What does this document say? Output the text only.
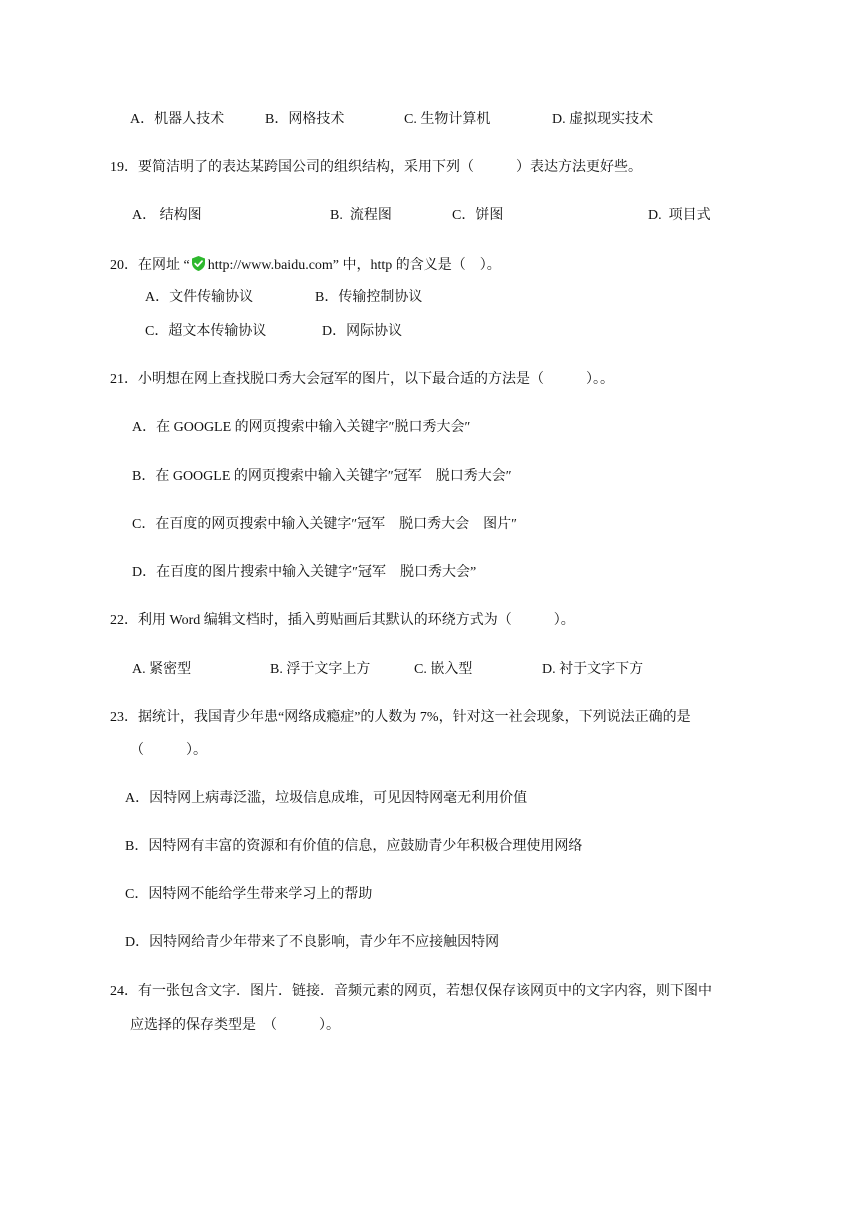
A．机器人技术	B．网格技术	C. 生物计算机	D. 虚拟现实技术
19．要简洁明了的表达某跨国公司的组织结构，采用下列（　　　）表达方法更好些。
A． 结构图	B.  流程图	C．饼图	D.  项目式
20．在网址 “ http://www.baidu.com” 中，http 的含义是（　）。
A．文件传输协议	B．传输控制协议
C．超文本传输协议	D．网际协议
21．小明想在网上查找脱口秀大会冠军的图片，以下最合适的方法是（　　　）。。
A．在 GOOGLE 的网页搜索中输入关键字″脱口秀大会″
B．在 GOOGLE 的网页搜索中输入关键字″冠军　脱口秀大会″
C．在百度的网页搜索中输入关键字″冠军　脱口秀大会　图片″
D．在百度的图片搜索中输入关键字″冠军　脱口秀大会”
22．利用 Word 编辑文档时，插入剪贴画后其默认的环绕方式为（　　　）。
A. 紧密型	B. 浮于文字上方	C. 嵌入型	D. 衬于文字下方
23．据统计，我国青少年患“网络成瘾症”的人数为 7%，针对这一社会现象，下列说法正确的是
（　　　）。
A．因特网上病毒泛滥，垃圾信息成堆，可见因特网毫无利用价值
B．因特网有丰富的资源和有价值的信息，应鼓励青少年积极合理使用网络
C．因特网不能给学生带来学习上的帮助
D．因特网给青少年带来了不良影响，青少年不应接触因特网
24．有一张包含文字．图片．链接．音频元素的网页，若想仅保存该网页中的文字内容，则下图中
应选择的保存类型是　（　　　）。
